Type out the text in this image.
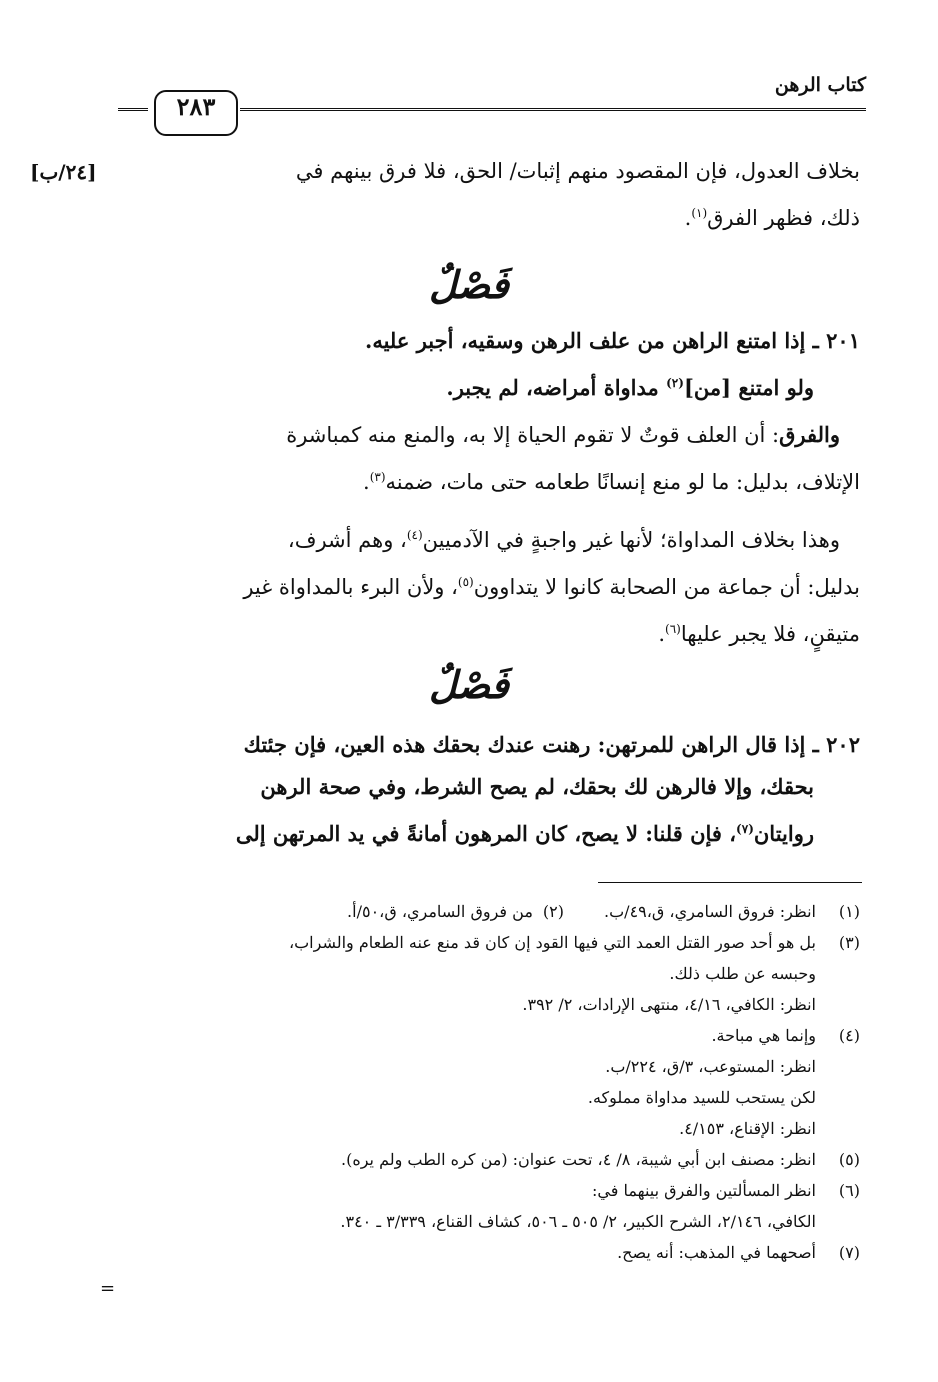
كتاب الرهن
٢٨٣
[٢٤/ب]	بخلاف العدول، فإن المقصود منهم إثبات/ الحق، فلا فرق بينهم في
ذلك، فظهر الفرق$^{(١)}$.
فَصْلٌ
٢٠١ ـ إذا امتنع الراهن من علف الرهن وسقيه، أجبر عليه.
ولو امتنع [من]$^{(٢)}$ مداواة أمراضه، لم يجبر.
والفرق: أن العلف قوتٌ لا تقوم الحياة إلا به، والمنع منه كمباشرة
الإتلاف، بدليل: ما لو منع إنسانًا طعامه حتى مات، ضمنه$^{(٣)}$.
وهذا بخلاف المداواة؛ لأنها غير واجبةٍ في الآدميين$^{(٤)}$، وهم أشرف،
بدليل: أن جماعة من الصحابة كانوا لا يتداوون$^{(٥)}$، ولأن البرء بالمداواة غير
متيقنٍ، فلا يجبر عليها$^{(٦)}$.
فَصْلٌ
٢٠٢ ـ إذا قال الراهن للمرتهن: رهنت عندك بحقك هذه العين، فإن جئتك
بحقك، وإلا فالرهن لك بحقك، لم يصح الشرط، وفي صحة الرهن
روايتان$^{(٧)}$، فإن قلنا: لا يصح، كان المرهون أمانةً في يد المرتهن إلى
(١)
انظر: فروق السامري، ق،٤٩/ب.
(٢)
من فروق السامري، ق،٥٠/أ.
(٣)
بل هو أحد صور القتل العمد التي فيها القود إن كان قد منع عنه الطعام والشراب،
وحبسه عن طلب ذلك.
انظر: الكافي، ٤/١٦، منتهى الإرادات، ٢/ ٣٩٢.
(٤)
وإنما هي مباحة.
انظر: المستوعب، ٣/ق، ٢٢٤/ب.
لكن يستحب للسيد مداواة مملوكه.
انظر: الإقناع، ٤/١٥٣.
(٥)
انظر: مصنف ابن أبي شيبة، ٨/ ٤، تحت عنوان: (من كره الطب ولم يره).
(٦)
انظر المسألتين والفرق بينهما في:
الكافي، ٢/١٤٦، الشرح الكبير، ٢/ ٥٠٥ ـ ٥٠٦، كشاف القناع، ٣/٣٣٩ ـ ٣٤٠.
(٧)
أصحهما في المذهب: أنه يصح.
=
